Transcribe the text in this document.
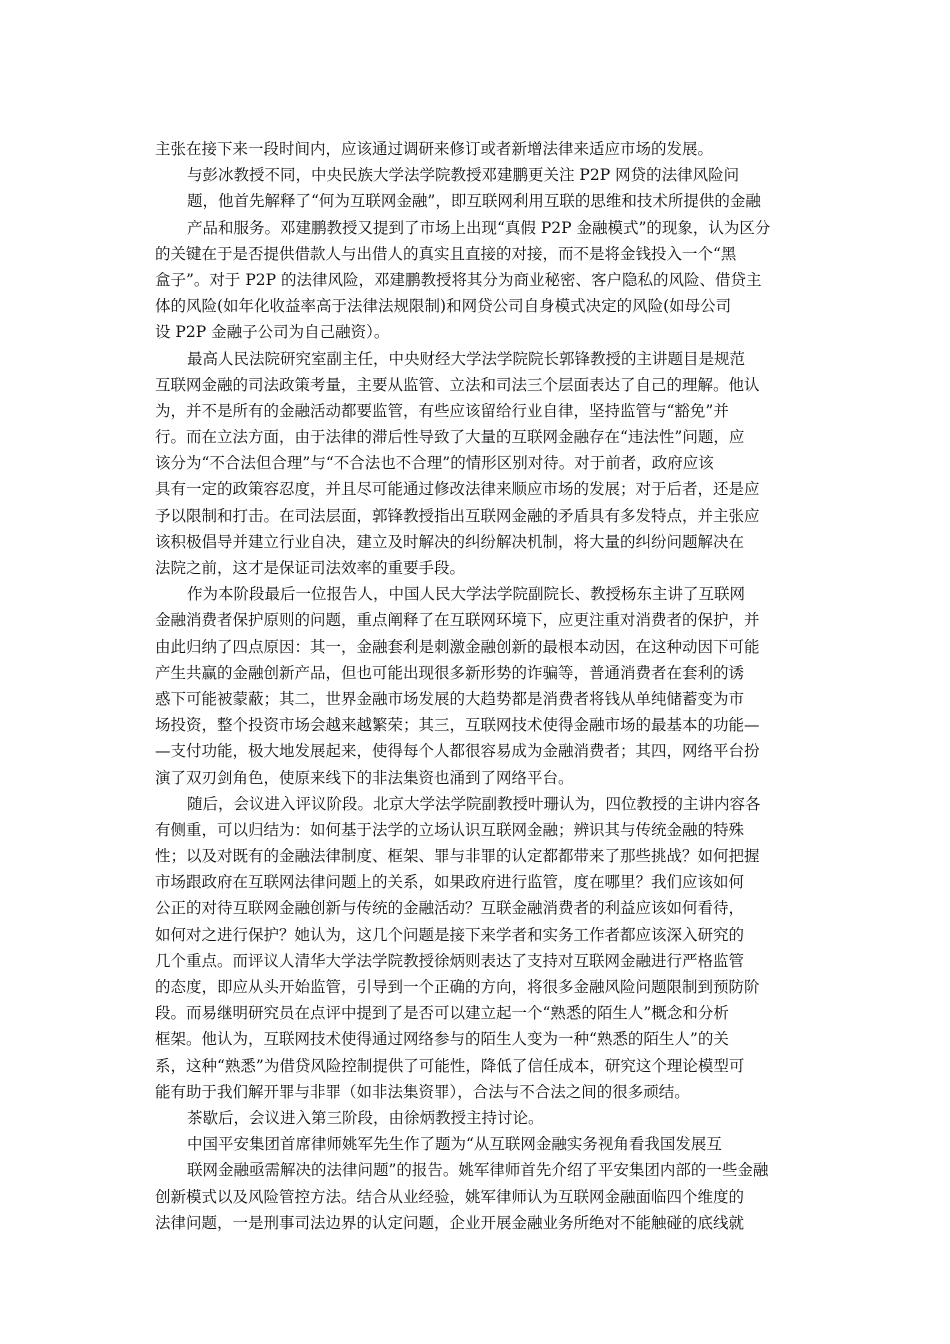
主张在接下来一段时间内，应该通过调研来修订或者新增法律来适应市场的发展。
与彭冰教授不同，中央民族大学法学院教授邓建鹏更关注 P2P 网贷的法律风险问
题，他首先解释了“何为互联网金融”，即互联网利用互联的思维和技术所提供的金融
产品和服务。邓建鹏教授又提到了市场上出现“真假 P2P 金融模式”的现象，认为区分
的关键在于是否提供借款人与出借人的真实且直接的对接，而不是将金钱投入一个“黑
盒子”。对于 P2P 的法律风险，邓建鹏教授将其分为商业秘密、客户隐私的风险、借贷主
体的风险(如年化收益率高于法律法规限制)和网贷公司自身模式决定的风险(如母公司
设 P2P 金融子公司为自己融资）。
最高人民法院研究室副主任，中央财经大学法学院院长郭锋教授的主讲题目是规范
互联网金融的司法政策考量，主要从监管、立法和司法三个层面表达了自己的理解。他认
为，并不是所有的金融活动都要监管，有些应该留给行业自律，坚持监管与“豁免”并
行。而在立法方面，由于法律的滞后性导致了大量的互联网金融存在“违法性”问题，应
该分为“不合法但合理”与“不合法也不合理”的情形区别对待。对于前者，政府应该
具有一定的政策容忍度，并且尽可能通过修改法律来顺应市场的发展；对于后者，还是应
予以限制和打击。在司法层面，郭锋教授指出互联网金融的矛盾具有多发特点，并主张应
该积极倡导并建立行业自决，建立及时解决的纠纷解决机制，将大量的纠纷问题解决在
法院之前，这才是保证司法效率的重要手段。
作为本阶段最后一位报告人，中国人民大学法学院副院长、教授杨东主讲了互联网
金融消费者保护原则的问题，重点阐释了在互联网环境下，应更注重对消费者的保护，并
由此归纳了四点原因：其一，金融套利是刺激金融创新的最根本动因，在这种动因下可能
产生共赢的金融创新产品，但也可能出现很多新形势的诈骗等，普通消费者在套利的诱
惑下可能被蒙蔽；其二，世界金融市场发展的大趋势都是消费者将钱从单纯储蓄变为市
场投资，整个投资市场会越来越繁荣；其三，互联网技术使得金融市场的最基本的功能—
—支付功能，极大地发展起来，使得每个人都很容易成为金融消费者；其四，网络平台扮
演了双刃剑角色，使原来线下的非法集资也涌到了网络平台。
随后，会议进入评议阶段。北京大学法学院副教授叶珊认为，四位教授的主讲内容各
有侧重，可以归结为：如何基于法学的立场认识互联网金融；辨识其与传统金融的特殊
性；以及对既有的金融法律制度、框架、罪与非罪的认定都都带来了那些挑战？如何把握
市场跟政府在互联网法律问题上的关系，如果政府进行监管，度在哪里？我们应该如何
公正的对待互联网金融创新与传统的金融活动？互联金融消费者的利益应该如何看待，
如何对之进行保护？她认为，这几个问题是接下来学者和实务工作者都应该深入研究的
几个重点。而评议人清华大学法学院教授徐炳则表达了支持对互联网金融进行严格监管
的态度，即应从头开始监管，引导到一个正确的方向，将很多金融风险问题限制到预防阶
段。而易继明研究员在点评中提到了是否可以建立起一个“熟悉的陌生人”概念和分析
框架。他认为，互联网技术使得通过网络参与的陌生人变为一种“熟悉的陌生人”的关
系，这种“熟悉”为借贷风险控制提供了可能性，降低了信任成本，研究这个理论模型可
能有助于我们解开罪与非罪（如非法集资罪），合法与不合法之间的很多顽结。
茶歇后，会议进入第三阶段，由徐炳教授主持讨论。
中国平安集团首席律师姚军先生作了题为“从互联网金融实务视角看我国发展互
联网金融亟需解决的法律问题”的报告。姚军律师首先介绍了平安集团内部的一些金融
创新模式以及风险管控方法。结合从业经验，姚军律师认为互联网金融面临四个维度的
法律问题，一是刑事司法边界的认定问题，企业开展金融业务所绝对不能触碰的底线就
